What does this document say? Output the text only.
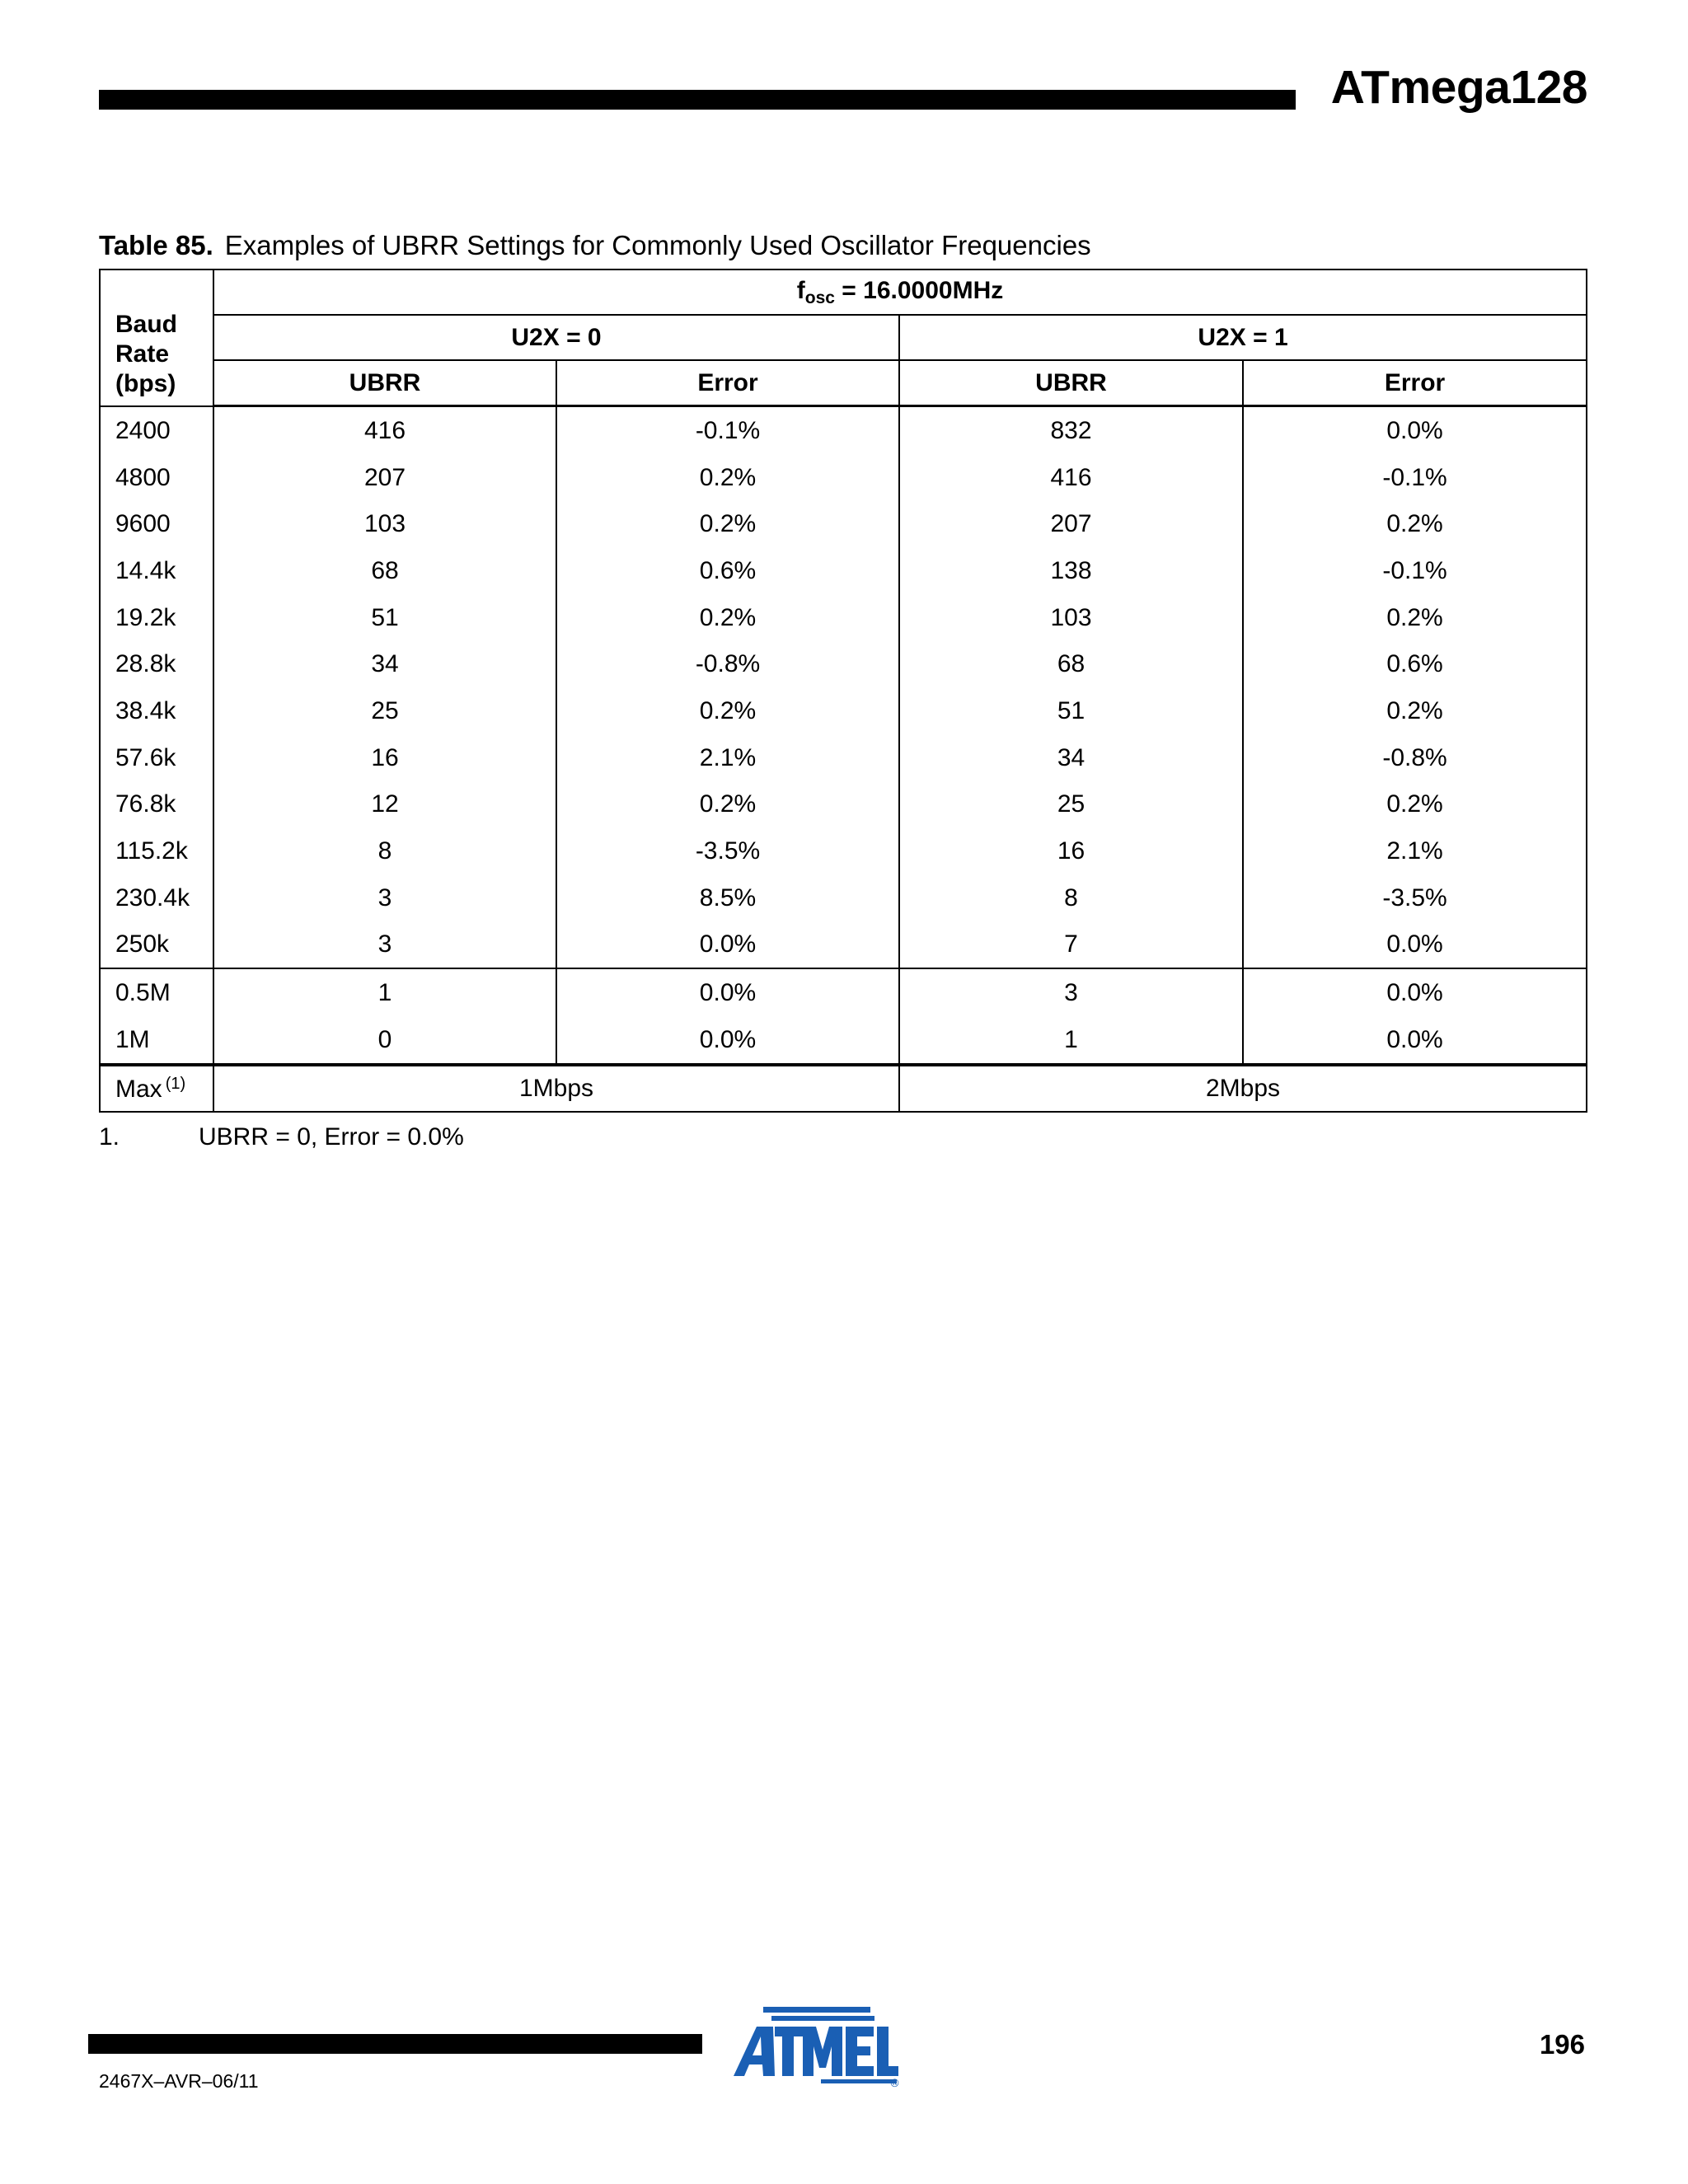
ATmega128
Table 85. Examples of UBRR Settings for Commonly Used Oscillator Frequencies
Baud
Rate
(bps)	$f_{osc} = 16.0000MHz$			
	U2X = 0		U2X = 1	
	UBRR	Error	UBRR	Error
2400	416	-0.1%	832	0.0%
4800	207	0.2%	416	-0.1%
9600	103	0.2%	207	0.2%
14.4k	68	0.6%	138	-0.1%
19.2k	51	0.2%	103	0.2%
28.8k	34	-0.8%	68	0.6%
38.4k	25	0.2%	51	0.2%
57.6k	16	2.1%	34	-0.8%
76.8k	12	0.2%	25	0.2%
115.2k	8	-3.5%	16	2.1%
230.4k	3	8.5%	8	-3.5%
250k	3	0.0%	7	0.0%
0.5M	1	0.0%	3	0.0%
1M	0	0.0%	1	0.0%
Max $^{(1)}$	1Mbps		2Mbps	
1.	UBRR = 0, Error = 0.0%
®
196
2467X–AVR–06/11
